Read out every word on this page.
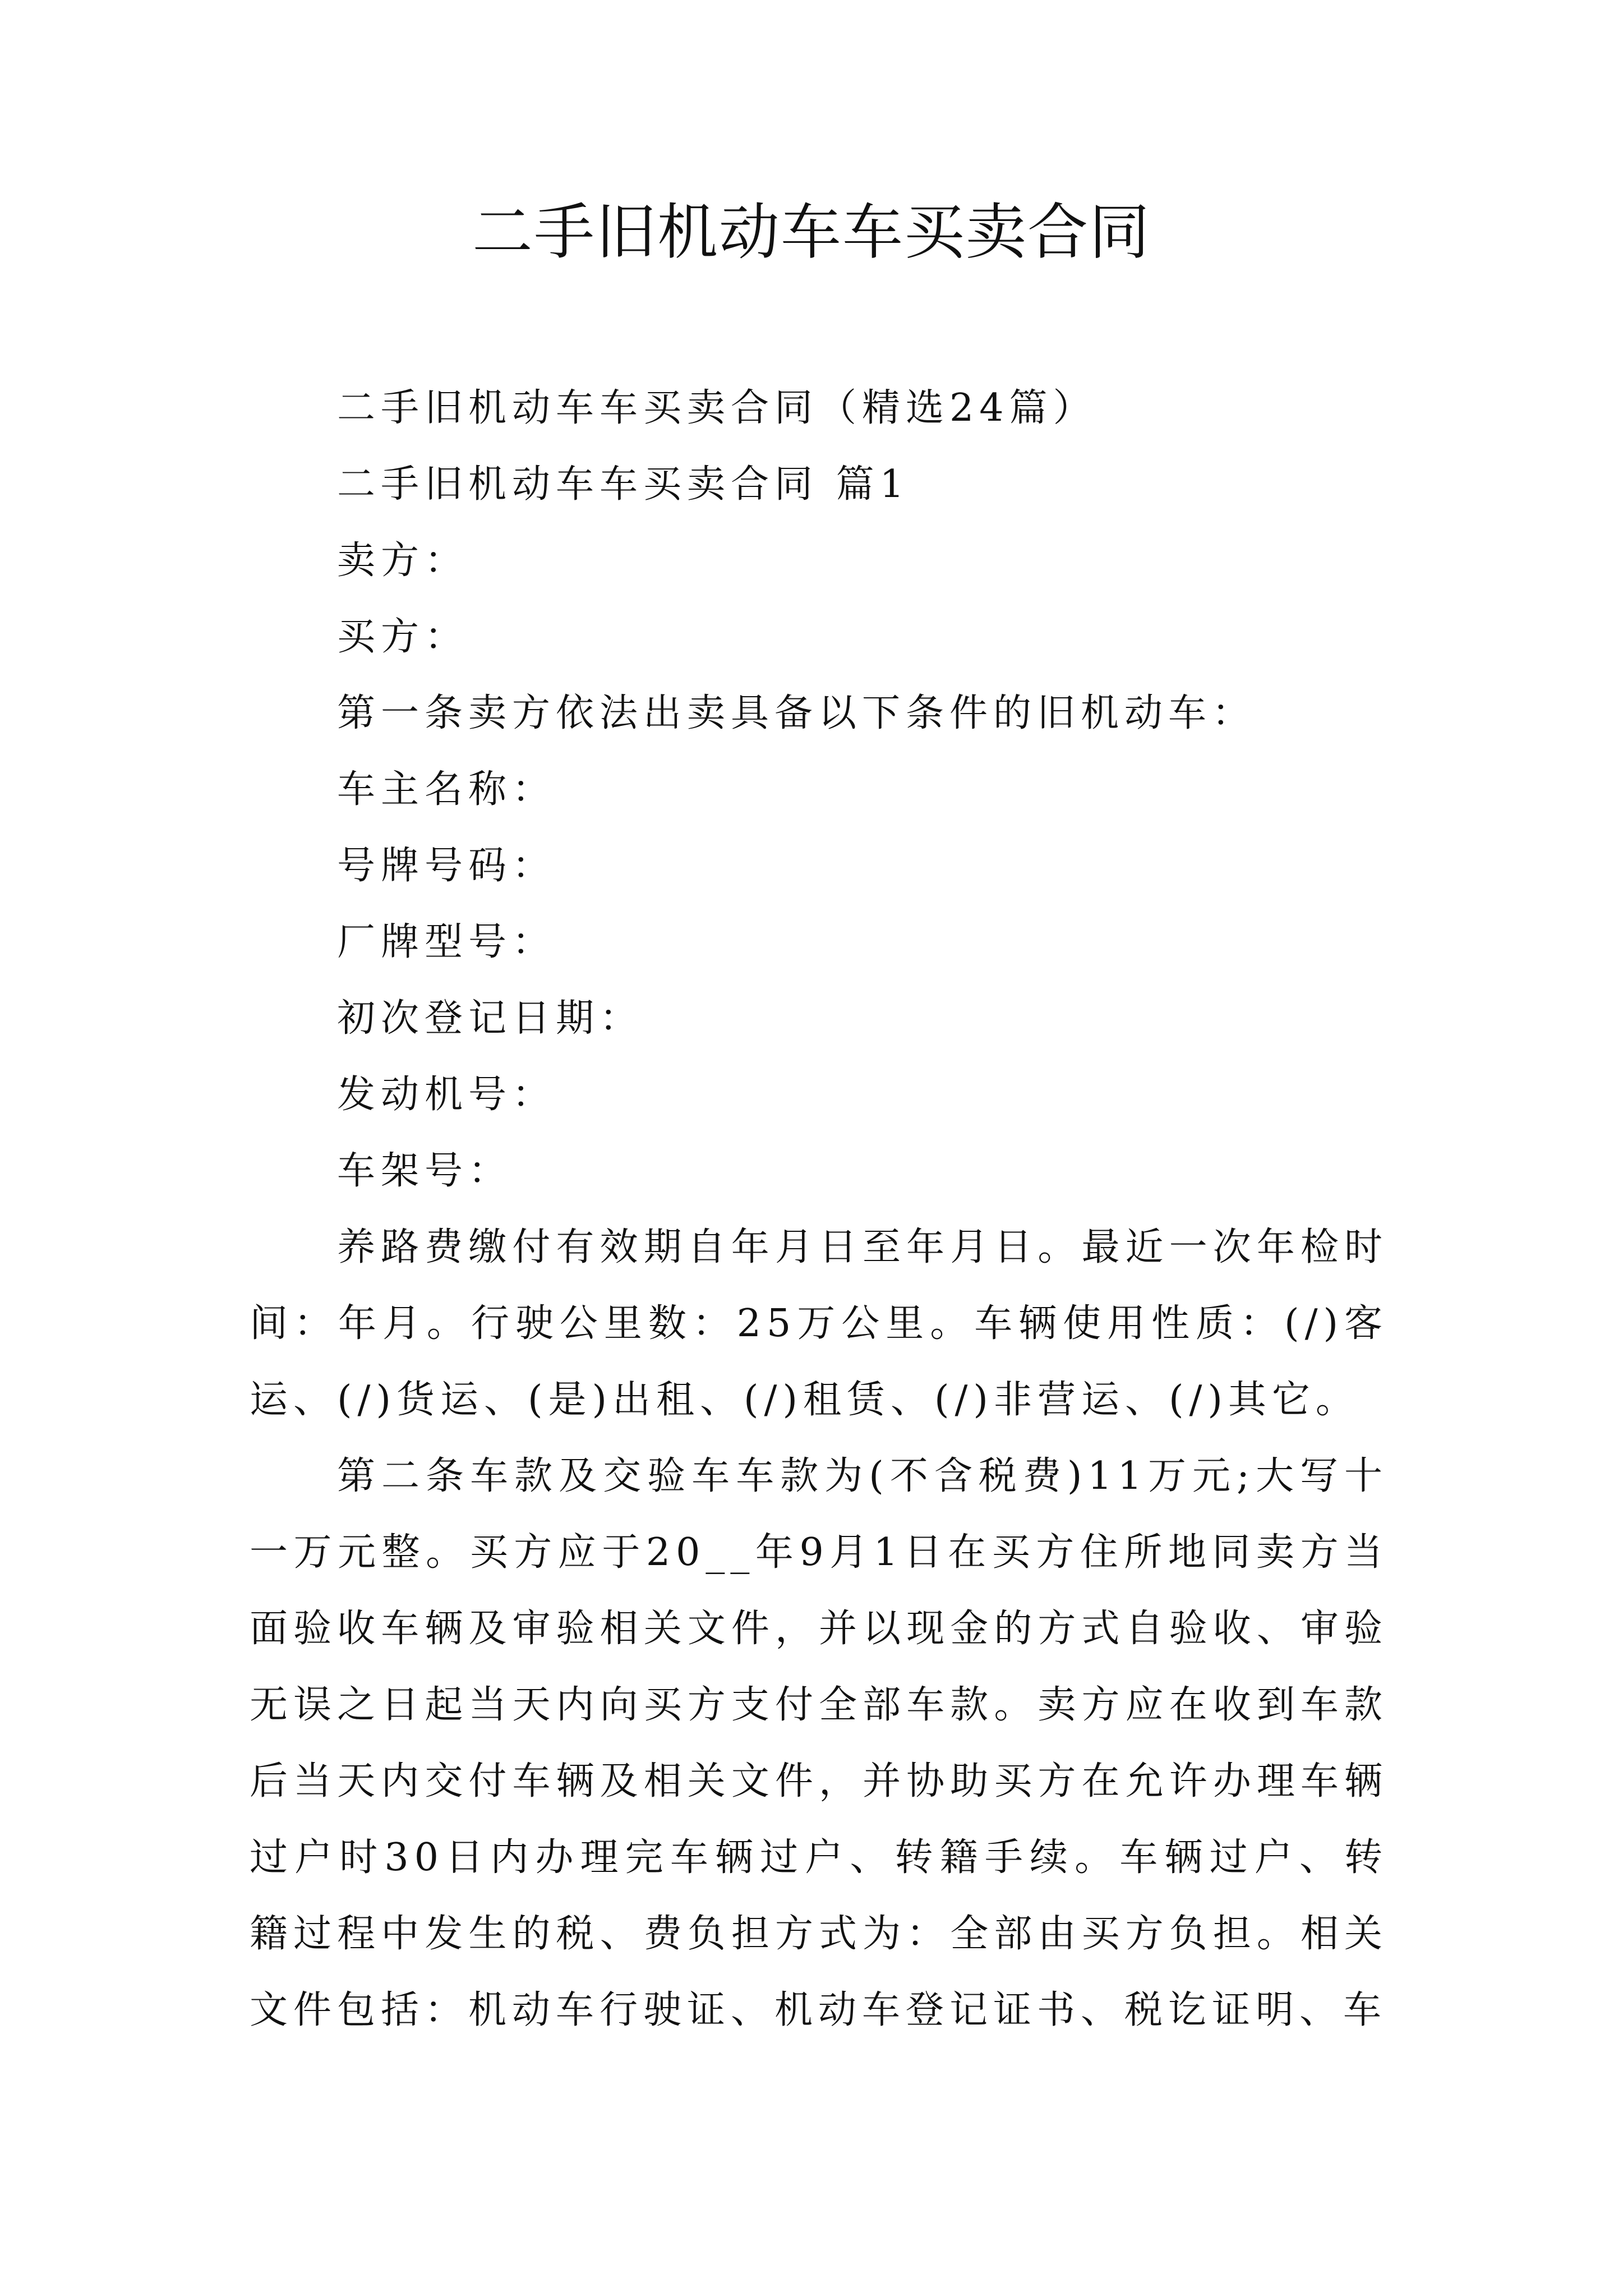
二手旧机动车车买卖合同

二手旧机动车车买卖合同（精选24篇）

二手旧机动车车买卖合同 篇1

卖方：

买方：

第一条卖方依法出卖具备以下条件的旧机动车：

车主名称：

号牌号码：

厂牌型号：

初次登记日期：

发动机号：

车架号：

养路费缴付有效期自年月日至年月日。最近一次年检时间：年月。行驶公里数：25万公里。车辆使用性质：(/)客运、(/)货运、(是)出租、(/)租赁、(/)非营运、(/)其它。

第二条车款及交验车车款为(不含税费)11万元;大写十一万元整。买方应于20__年9月1日在买方住所地同卖方当面验收车辆及审验相关文件，并以现金的方式自验收、审验无误之日起当天内向买方支付全部车款。卖方应在收到车款后当天内交付车辆及相关文件，并协助买方在允许办理车辆过户时30日内办理完车辆过户、转籍手续。车辆过户、转籍过程中发生的税、费负担方式为：全部由买方负担。相关文件包括：机动车行驶证、机动车登记证书、税讫证明、车
